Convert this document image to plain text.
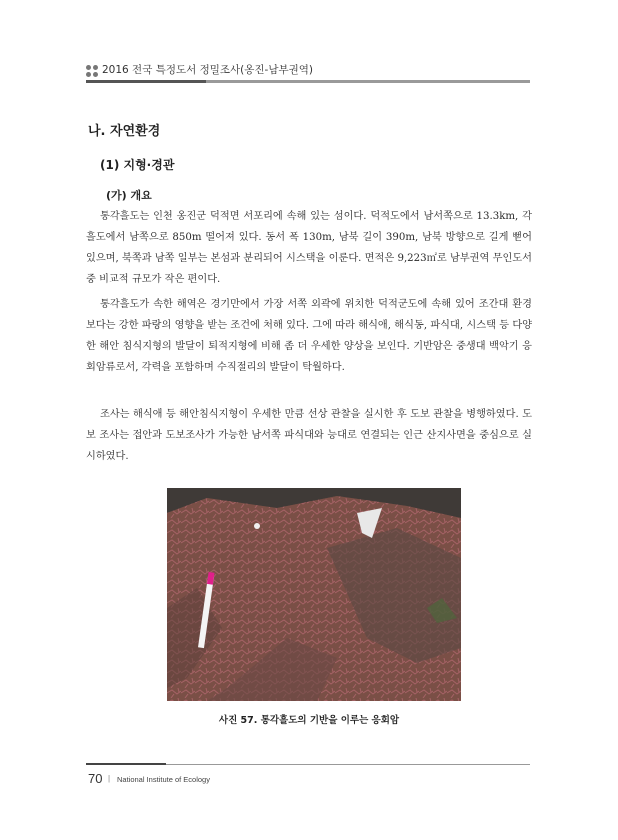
2016 전국 특정도서 정밀조사(옹진-남부권역)
나. 자연환경
(1) 지형·경관
(가) 개요

통각흘도는 인천 옹진군 덕적면 서포리에 속해 있는 섬이다. 덕적도에서 남서쪽으로 13.3km, 각흘도에서 남쪽으로 850m 떨어져 있다. 동서 폭 130m, 남북 길이 390m, 남북 방향으로 길게 뻗어 있으며, 북쪽과 남쪽 일부는 본섬과 분리되어 시스택을 이룬다. 면적은 9,223㎡로 남부권역 무인도서 중 비교적 규모가 작은 편이다.

통각흘도가 속한 해역은 경기만에서 가장 서쪽 외곽에 위치한 덕적군도에 속해 있어 조간대 환경보다는 강한 파랑의 영향을 받는 조건에 처해 있다. 그에 따라 해식애, 해식동, 파식대, 시스택 등 다양한 해안 침식지형의 발달이 퇴적지형에 비해 좀 더 우세한 양상을 보인다. 기반암은 중생대 백악기 응회암류로서, 각력을 포함하며 수직절리의 발달이 탁월하다.

조사는 해식애 등 해안침식지형이 우세한 만큼 선상 관찰을 실시한 후 도보 관찰을 병행하였다. 도보 조사는 접안과 도보조사가 가능한 남서쪽 파식대와 능대로 연결되는 인근 산지사면을 중심으로 실시하였다.

사진 57. 통각흘도의 기반을 이루는 응회암
70 | National Institute of Ecology
